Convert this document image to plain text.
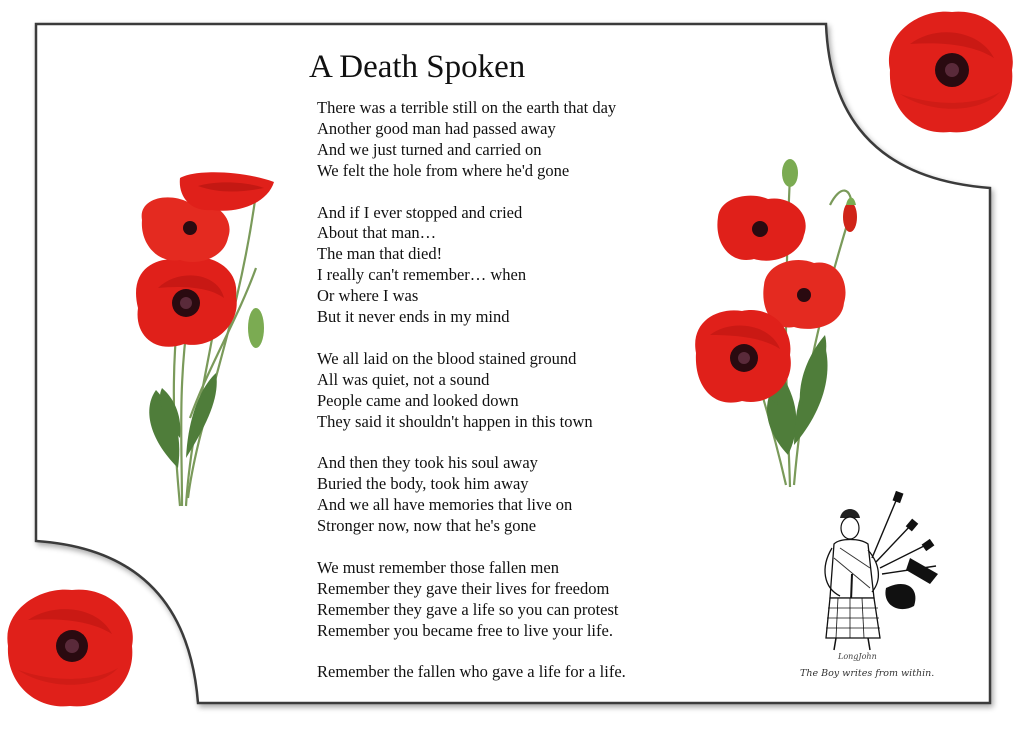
A Death Spoken
There was a terrible still on the earth that day
Another good man had passed away
And we just turned and carried on
We felt the hole from where he'd gone
And if I ever stopped and cried
About that man…
The man that died!
I really can't remember… when
Or where I was
But it never ends in my mind
We all laid on the blood stained ground
All was quiet, not a sound
People came and looked down
They said it shouldn't happen in this town
And then they took his soul away
Buried the body, took him away
And we all have memories that live on
Stronger now, now that he's gone
We must remember those fallen men
Remember they gave their lives for freedom
Remember they gave a life so you can protest
Remember you became free to live your life.
Remember the fallen who gave a life for a life.
LongJohn
The Boy writes from within.
